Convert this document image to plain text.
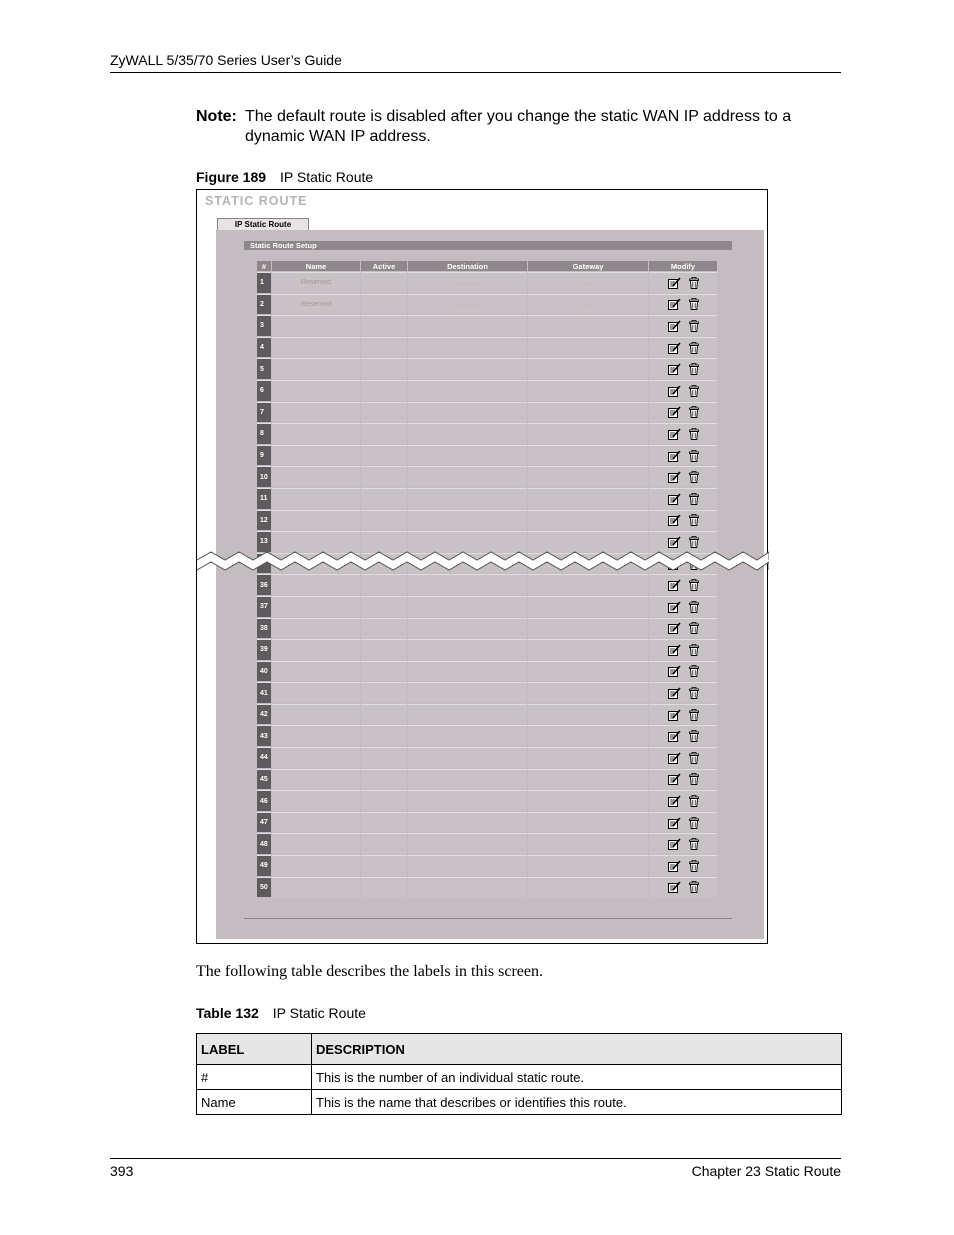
ZyWALL 5/35/70 Series User’s Guide
Note: The default route is disabled after you change the static WAN IP address to a dynamic WAN IP address.
Figure 189 IP Static Route
STATIC ROUTE
IP Static Route
Static Route Setup
#	Name	Active	Destination	Gateway	Modify
1	Reserved	-	. . . . . .	. . .	
2	Reserved	-	. . . . . .	. . .	
3					
4					
5					
6					
7					
8					
9					
10					
11					
12					
13					

36					
37					
38					
39					
40					
41					
42					
43					
44					
45					
46					
47					
48					
49					
50					
The following table describes the labels in this screen.
Table 132 IP Static Route
LABEL	DESCRIPTION
#	This is the number of an individual static route.
Name	This is the name that describes or identifies this route.
393	Chapter 23 Static Route
